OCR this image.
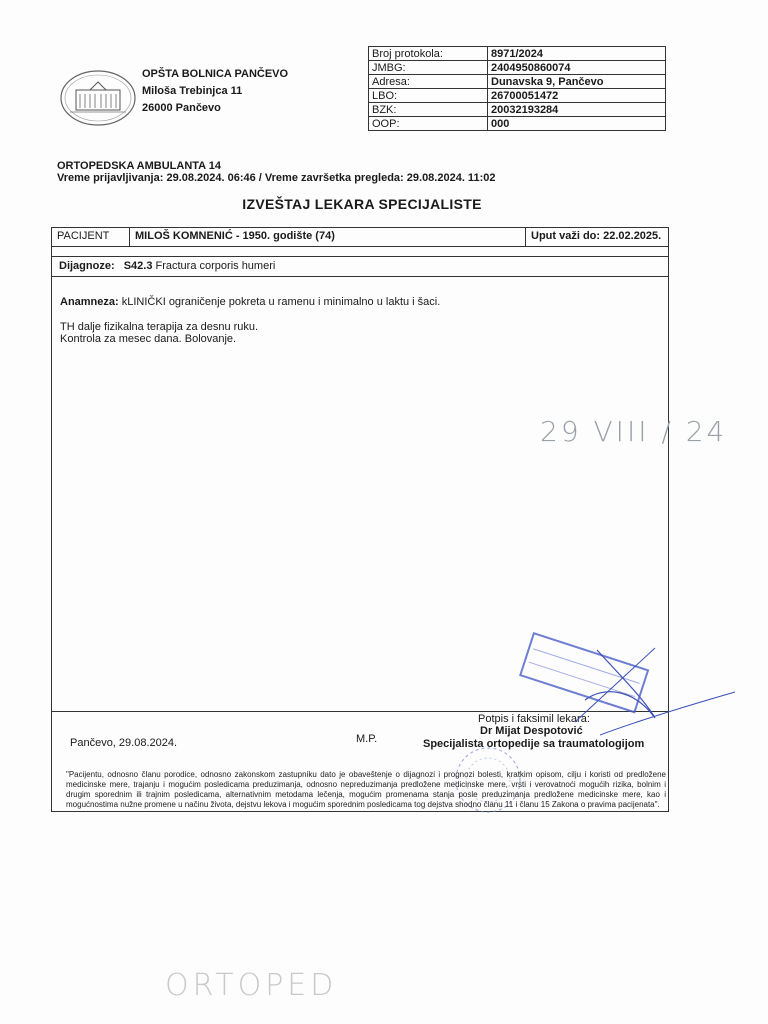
OPŠTA BOLNICA PANČEVO
Miloša Trebinjca 11
26000 Pančevo
Broj protokola:	8971/2024
JMBG:	2404950860074
Adresa:	Dunavska 9, Pančevo
LBO:	26700051472
BZK:	20032193284
OOP:	000
ORTOPEDSKA AMBULANTA 14
Vreme prijavljivanja: 29.08.2024. 06:46 / Vreme završetka pregleda: 29.08.2024. 11:02
IZVEŠTAJ LEKARA SPECIJALISTE
PACIJENT MILOŠ KOMNENIĆ - 1950. godište (74)	Uput važi do: 22.02.2025.
Dijagnoze: S42.3 Fractura corporis humeri
Anamneza: kLINIČKI ograničenje pokreta u ramenu i minimalno u laktu i šaci.
TH dalje fizikalna terapija za desnu ruku.
Kontrola za mesec dana. Bolovanje.
29 VIII / 24
Pančevo, 29.08.2024.	M.P.
Potpis i faksimil lekara:
Dr Mijat Despotović
Specijalista ortopedije sa traumatologijom
"Pacijentu, odnosno članu porodice, odnosno zakonskom zastupniku dato je obaveštenje o dijagnozi i prognozi bolesti, kratkim opisom, cilju i koristi od predložene medicinske mere, trajanju i mogućim posledicama preduzimanja, odnosno nepreduzimanja predložene medicinske mere, vrsti i verovatnoći mogućih rizika, bolnim i drugim sporednim ili trajnim posledicama, alternativnim metodama lečenja, mogućim promenama stanja posle preduzimanja predložene medicinske mere, kao i mogućnostima nužne promene u načinu života, dejstvu lekova i mogućim sporednim posledicama tog dejstva shodno članu 11 i članu 15 Zakona o pravima pacijenata".
ORTOPED
